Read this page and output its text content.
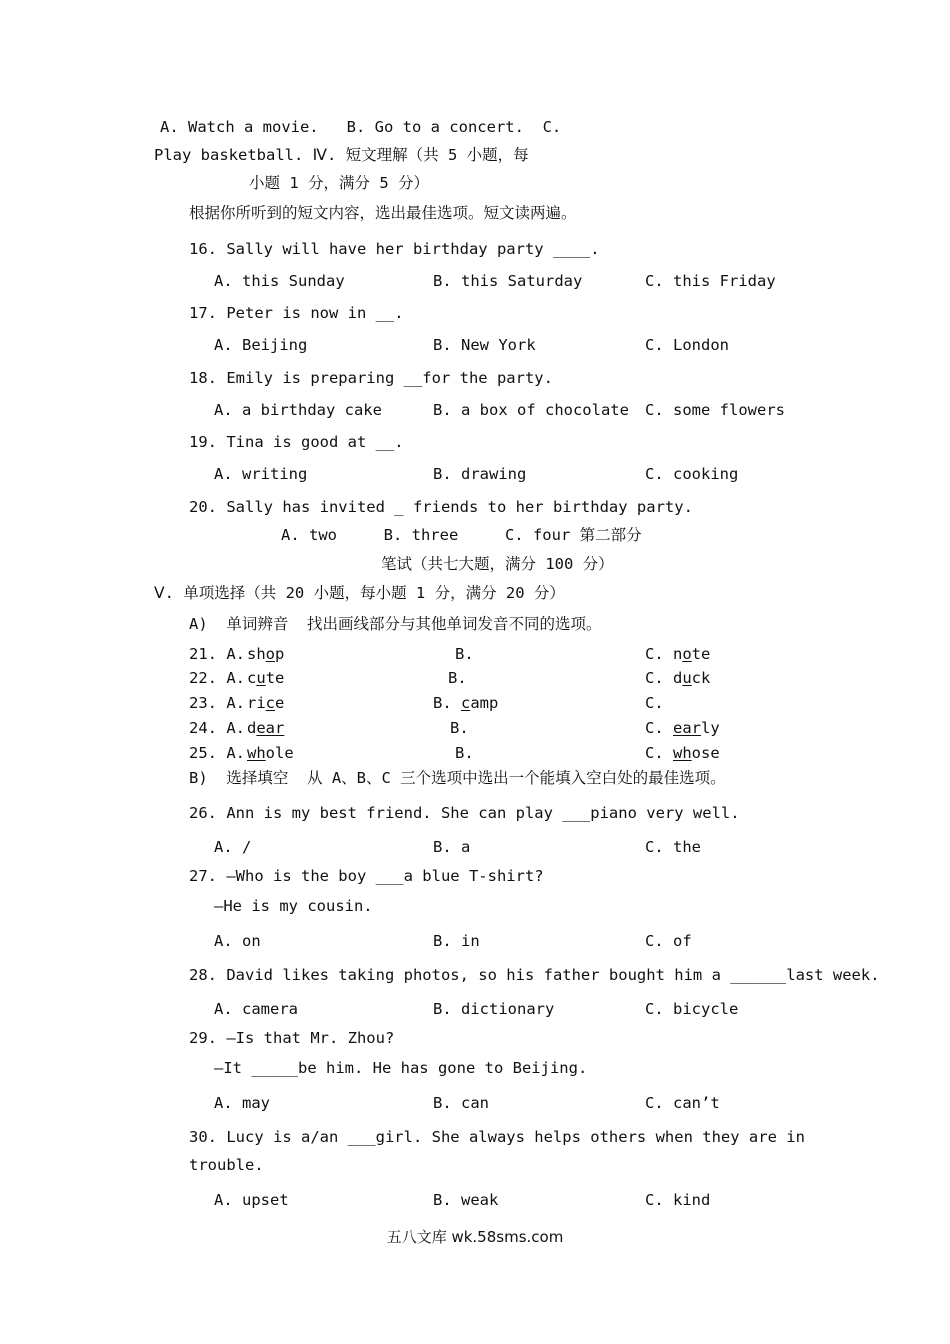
A. Watch a movie.   B. Go to a concert.  C.
Play basketball. Ⅳ. 短文理解（共 5 小题，每
小题 1 分，满分 5 分）
根据你所听到的短文内容，选出最佳选项。短文读两遍。
16. Sally will have her birthday party ____.
A. this Sunday	B. this Saturday	C. this Friday
17. Peter is now in __.
A. Beijing	B. New York	C. London
18. Emily is preparing __for the party.
A. a birthday cake	B. a box of chocolate C. some flowers
19. Tina is good at __.
A. writing	B. drawing	C. cooking
20. Sally has invited _ friends to her birthday party.
A. two     B. three     C. four 第二部分
笔试（共七大题，满分 100 分）
Ⅴ. 单项选择（共 20 小题，每小题 1 分，满分 20 分）
A)  单词辨音  找出画线部分与其他单词发音不同的选项。
21. A. shop	B.	C. note
22. A. cute	B.	C. duck
23. A. rice	B. camp	C.
24. A. dear	B.	C. early
25. A. whole	B.	C. whose
B)  选择填空  从 A、B、C 三个选项中选出一个能填入空白处的最佳选项。
26. Ann is my best friend. She can play ___piano very well.
A. /	B. a	C. the
27. —Who is the boy ___a blue T-shirt?
—He is my cousin.
A. on	B. in	C. of
28. David likes taking photos, so his father bought him a ______last week.
A. camera	B. dictionary	C. bicycle
29. —Is that Mr. Zhou?
—It _____be him. He has gone to Beijing.
A. may	B. can	C. can’t
30. Lucy is a/an ___girl. She always helps others when they are in
trouble.
A. upset	B. weak	C. kind
五八文库 wk.58sms.com
